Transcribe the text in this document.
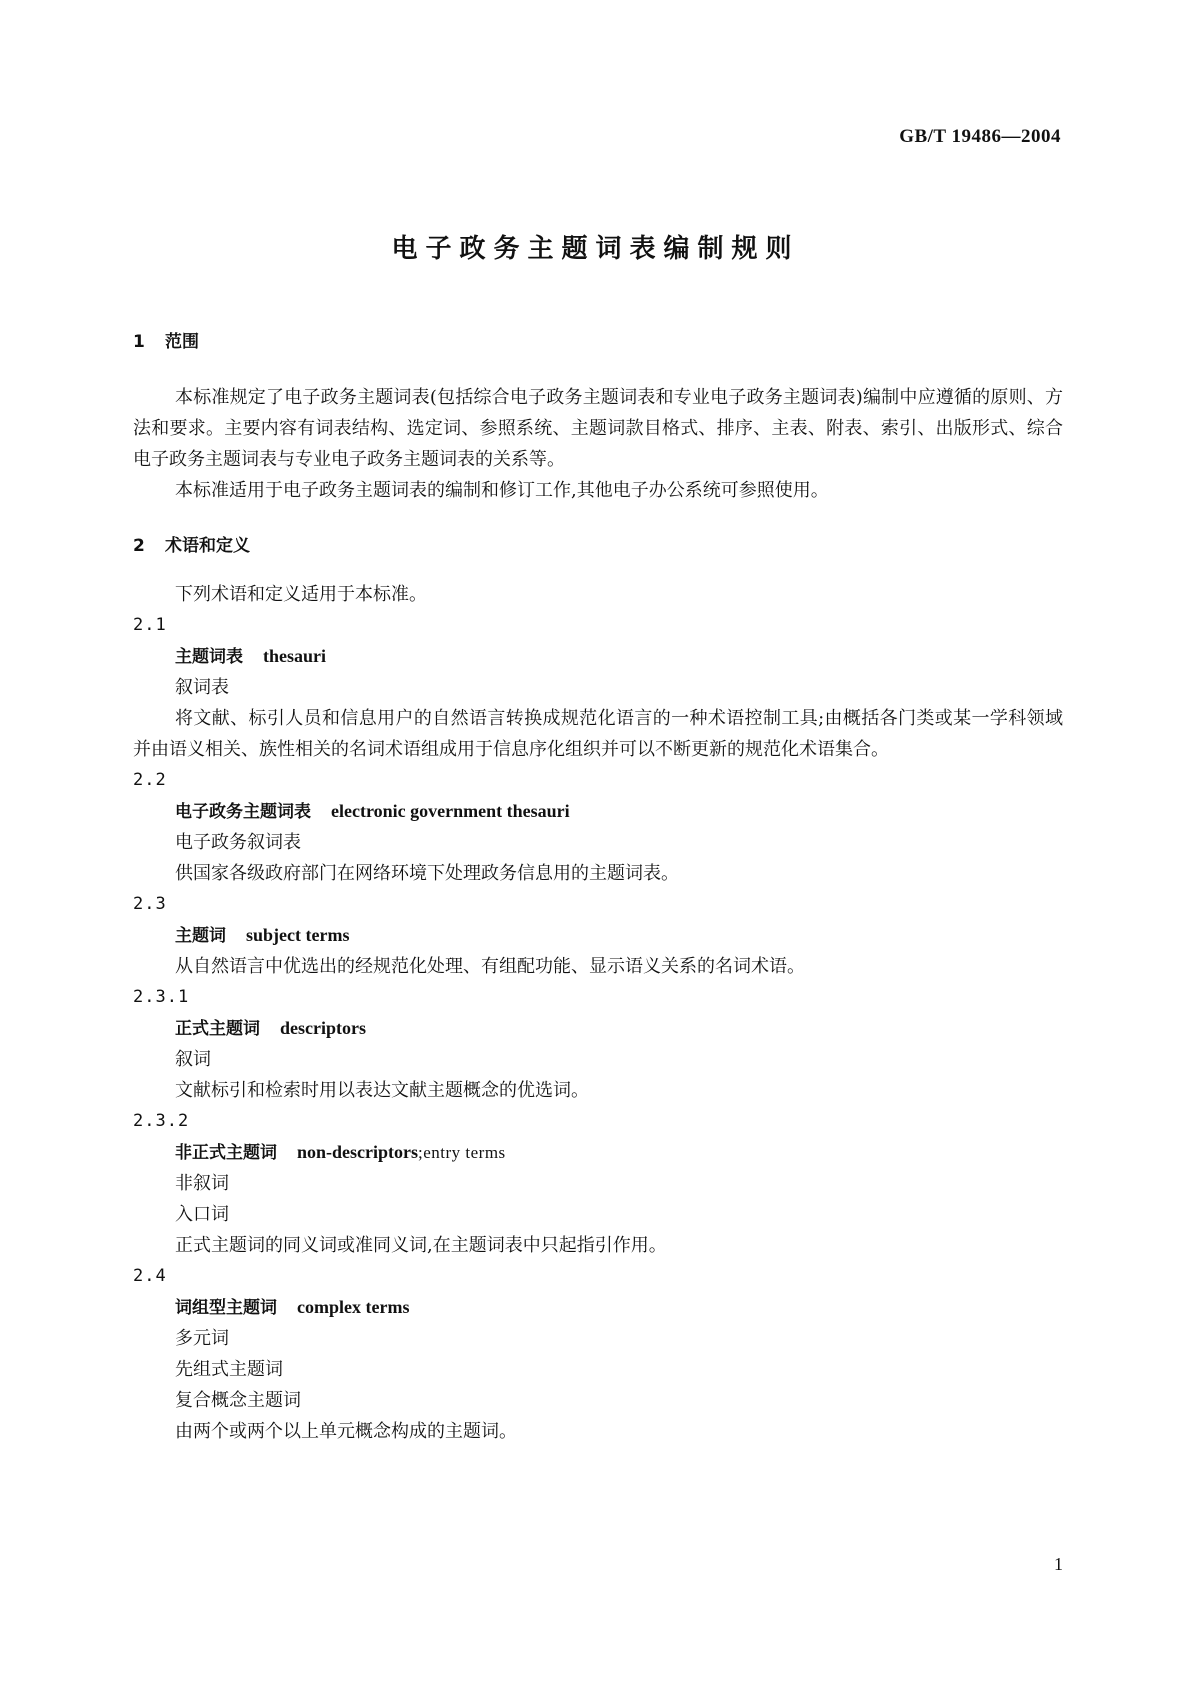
GB/T 19486—2004
电子政务主题词表编制规则
1 范围

本标准规定了电子政务主题词表(包括综合电子政务主题词表和专业电子政务主题词表)编制中应遵循的原则、方法和要求。主要内容有词表结构、选定词、参照系统、主题词款目格式、排序、主表、附表、索引、出版形式、综合电子政务主题词表与专业电子政务主题词表的关系等。

本标准适用于电子政务主题词表的编制和修订工作,其他电子办公系统可参照使用。

2 术语和定义

下列术语和定义适用于本标准。

2.1
主题词表 thesauri
叙词表

将文献、标引人员和信息用户的自然语言转换成规范化语言的一种术语控制工具;由概括各门类或某一学科领域并由语义相关、族性相关的名词术语组成用于信息序化组织并可以不断更新的规范化术语集合。

2.2
电子政务主题词表 electronic government thesauri
电子政务叙词表

供国家各级政府部门在网络环境下处理政务信息用的主题词表。

2.3
主题词 subject terms

从自然语言中优选出的经规范化处理、有组配功能、显示语义关系的名词术语。

2.3.1
正式主题词 descriptors
叙词

文献标引和检索时用以表达文献主题概念的优选词。

2.3.2
非正式主题词 non-descriptors;entry terms
非叙词
入口词

正式主题词的同义词或准同义词,在主题词表中只起指引作用。

2.4
词组型主题词 complex terms
多元词
先组式主题词
复合概念主题词

由两个或两个以上单元概念构成的主题词。

1
